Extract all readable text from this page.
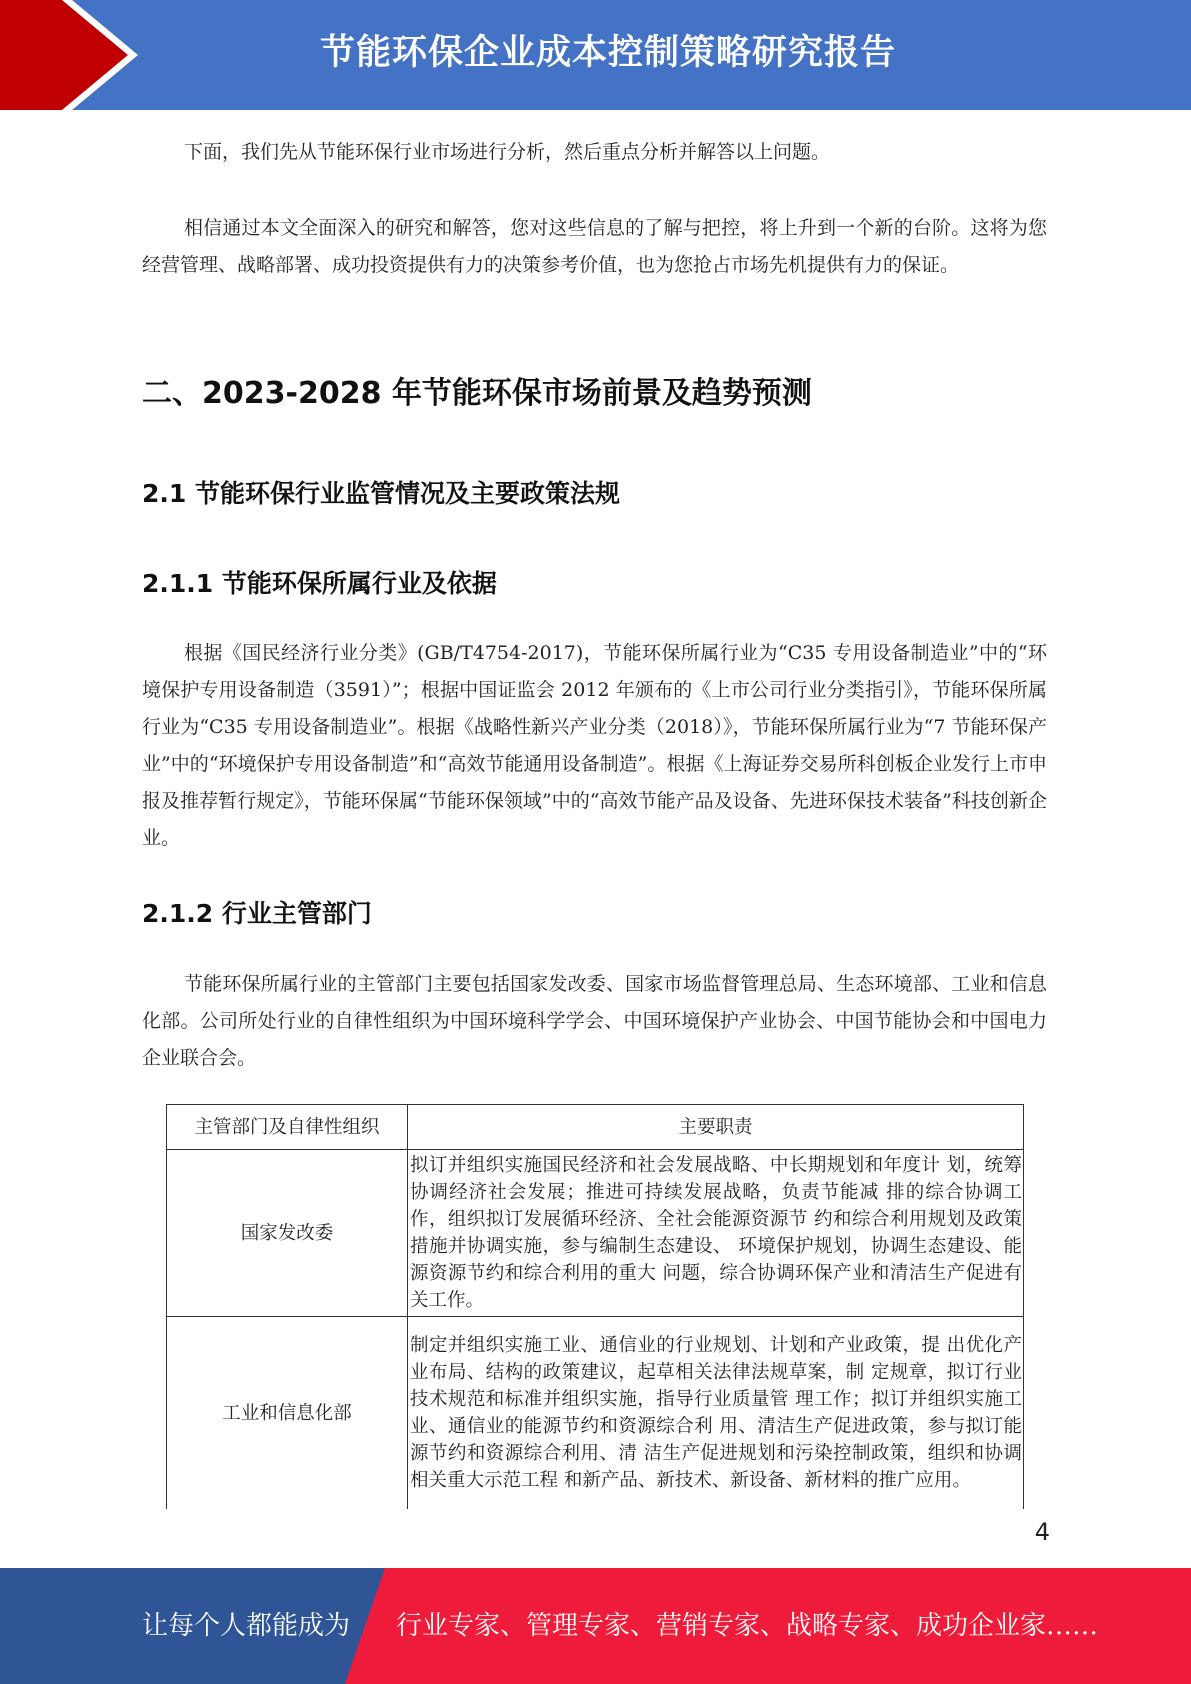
节能环保企业成本控制策略研究报告

下面，我们先从节能环保行业市场进行分析，然后重点分析并解答以上问题。

相信通过本文全面深入的研究和解答，您对这些信息的了解与把控，将上升到一个新的台阶。这将为您经营管理、战略部署、成功投资提供有力的决策参考价值，也为您抢占市场先机提供有力的保证。

二、2023-2028 年节能环保市场前景及趋势预测
2.1 节能环保行业监管情况及主要政策法规
2.1.1 节能环保所属行业及依据

根据《国民经济行业分类》(GB/T4754-2017)，节能环保所属行业为“C35 专用设备制造业”中的“环境保护专用设备制造（3591）”；根据中国证监会 2012 年颁布的《上市公司行业分类指引》，节能环保所属行业为“C35 专用设备制造业”。根据《战略性新兴产业分类（2018）》，节能环保所属行业为“7 节能环保产业”中的“环境保护专用设备制造”和“高效节能通用设备制造”。根据《上海证券交易所科创板企业发行上市申报及推荐暂行规定》，节能环保属“节能环保领域”中的“高效节能产品及设备、先进环保技术装备”科技创新企业。

2.1.2 行业主管部门

节能环保所属行业的主管部门主要包括国家发改委、国家市场监督管理总局、生态环境部、工业和信息化部。公司所处行业的自律性组织为中国环境科学学会、中国环境保护产业协会、中国节能协会和中国电力企业联合会。

主管部门及自律性组织	主要职责
国家发改委	拟订并组织实施国民经济和社会发展战略、中长期规划和年度计 划，统筹协调经济社会发展；推进可持续发展战略，负责节能减 排的综合协调工作，组织拟订发展循环经济、全社会能源资源节 约和综合利用规划及政策措施并协调实施，参与编制生态建设、 环境保护规划，协调生态建设、能源资源节约和综合利用的重大 问题，综合协调环保产业和清洁生产促进有关工作。
工业和信息化部	制定并组织实施工业、通信业的行业规划、计划和产业政策，提 出优化产业布局、结构的政策建议，起草相关法律法规草案，制 定规章，拟订行业技术规范和标准并组织实施，指导行业质量管 理工作；拟订并组织实施工业、通信业的能源节约和资源综合利 用、清洁生产促进政策，参与拟订能源节约和资源综合利用、清 洁生产促进规划和污染控制政策，组织和协调相关重大示范工程 和新产品、新技术、新设备、新材料的推广应用。
4
让每个人都能成为 行业专家、管理专家、营销专家、战略专家、成功企业家……
